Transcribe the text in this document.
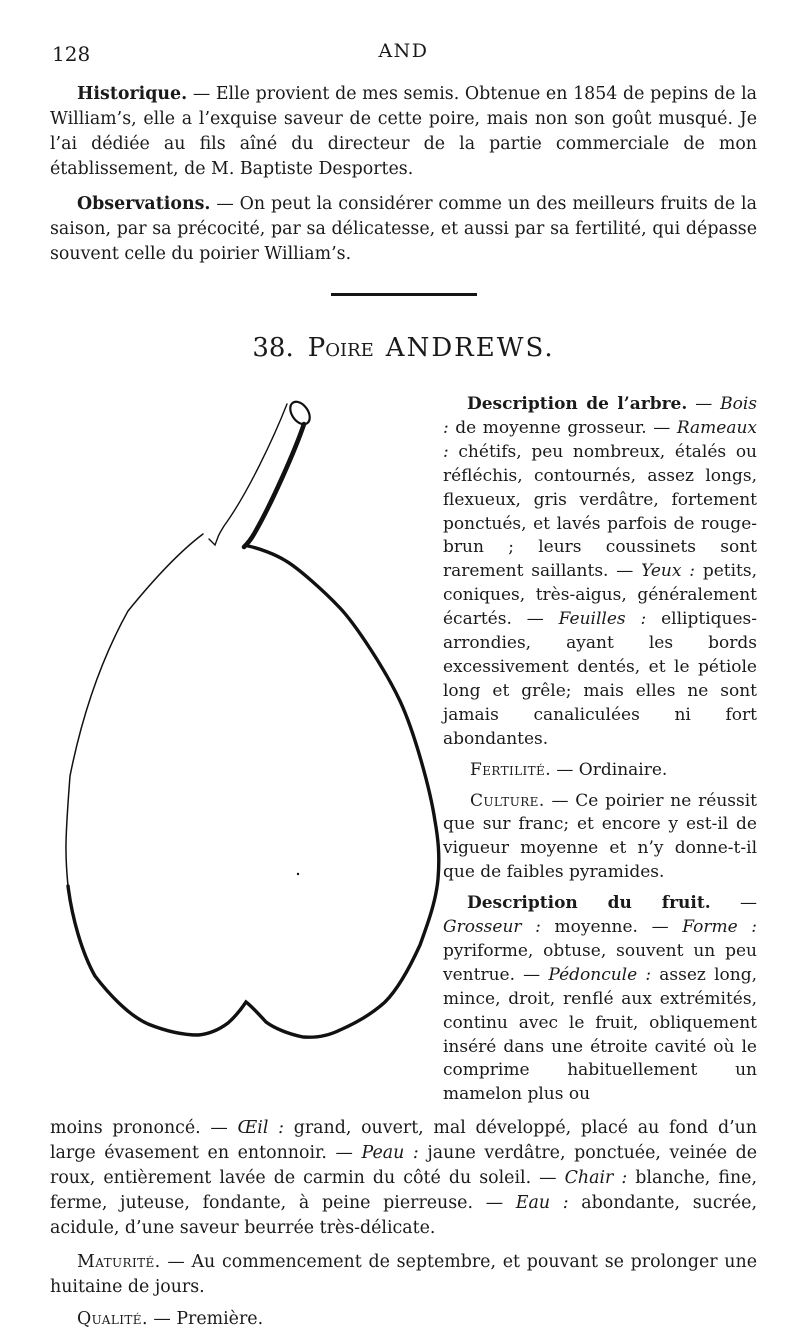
128	AND

Historique. — Elle provient de mes semis. Obtenue en 1854 de pepins de la William’s, elle a l’exquise saveur de cette poire, mais non son goût musqué. Je l’ai dédiée au fils aîné du directeur de la partie commerciale de mon établissement, de M. Baptiste Desportes.

Observations. — On peut la considérer comme un des meilleurs fruits de la saison, par sa précocité, par sa délicatesse, et aussi par sa fertilité, qui dépasse souvent celle du poirier William’s.

38. Poire ANDREWS.

Description de l’arbre. — Bois : de moyenne grosseur. — Rameaux : chétifs, peu nombreux, étalés ou réfléchis, contournés, assez longs, flexueux, gris verdâtre, fortement ponctués, et lavés parfois de rouge-brun ; leurs coussinets sont rarement saillants. — Yeux : petits, coniques, très-aigus, généralement écartés. — Feuilles : elliptiques-arrondies, ayant les bords excessivement dentés, et le pétiole long et grêle; mais elles ne sont jamais canaliculées ni fort abondantes.

Fertilité. — Ordinaire.

Culture. — Ce poirier ne réussit que sur franc; et encore y est-il de vigueur moyenne et n’y donne-t-il que de faibles pyramides.

Description du fruit. — Grosseur : moyenne. — Forme : pyriforme, obtuse, souvent un peu ventrue. — Pédoncule : assez long, mince, droit, renflé aux extrémités, continu avec le fruit, obliquement inséré dans une étroite cavité où le comprime habituellement un mamelon plus ou

moins prononcé. — Œil : grand, ouvert, mal développé, placé au fond d’un large évasement en entonnoir. — Peau : jaune verdâtre, ponctuée, veinée de roux, entièrement lavée de carmin du côté du soleil. — Chair : blanche, fine, ferme, juteuse, fondante, à peine pierreuse. — Eau : abondante, sucrée, acidule, d’une saveur beurrée très-délicate.

Maturité. — Au commencement de septembre, et pouvant se prolonger une huitaine de jours.

Qualité. — Première.
